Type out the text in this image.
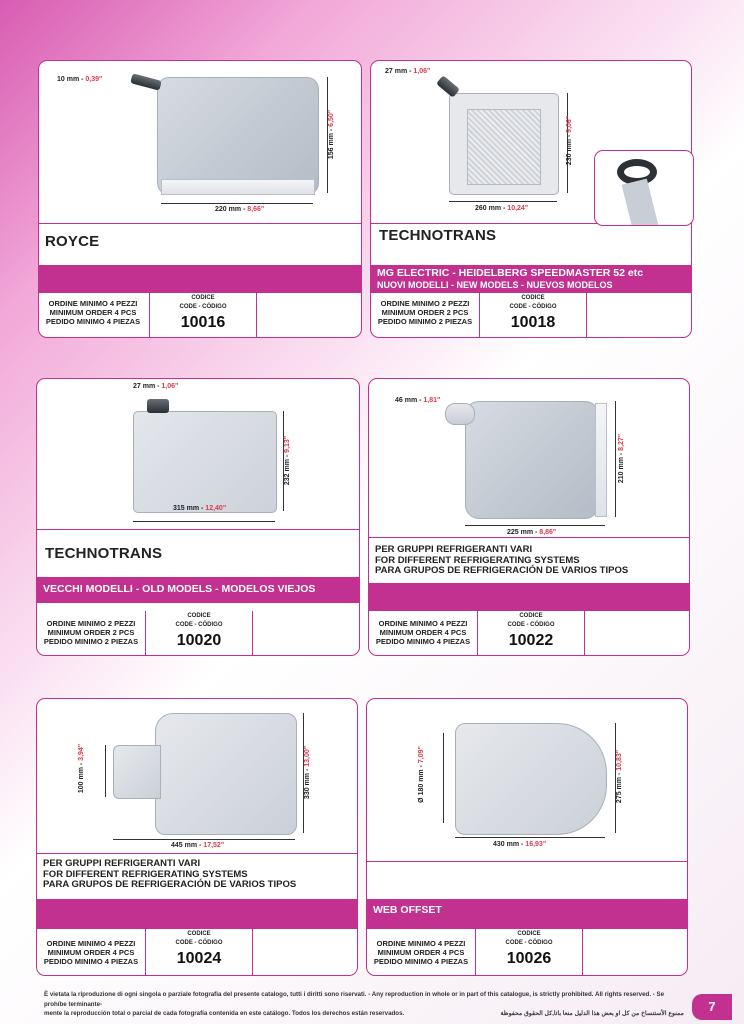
10 mm - 0,39"
220 mm - 8,66"
156 mm - 6,50"
ROYCE
ORDINE MINIMO 4 PEZZI
MINIMUM ORDER 4 PCS
PEDIDO MINIMO 4 PIEZAS
CODICE
CODE - CÓDIGO
10016
27 mm - 1,06"
260 mm - 10,24"
230 mm - 9,06"
TECHNOTRANS
MG ELECTRIC - HEIDELBERG SPEEDMASTER 52 etc
NUOVI MODELLI - NEW MODELS - NUEVOS MODELOS
ORDINE MINIMO 2 PEZZI
MINIMUM ORDER 2 PCS
PEDIDO MINIMO 2 PIEZAS
CODICE
CODE - CÓDIGO
10018
27 mm - 1,06"
315 mm - 12,40"
232 mm - 9,13"
TECHNOTRANS
VECCHI MODELLI - OLD MODELS - MODELOS VIEJOS
ORDINE MINIMO 2 PEZZI
MINIMUM ORDER 2 PCS
PEDIDO MINIMO 2 PIEZAS
CODICE
CODE - CÓDIGO
10020
46 mm - 1,81"
225 mm - 8,86"
210 mm - 8,27"
PER GRUPPI REFRIGERANTI VARI
FOR DIFFERENT REFRIGERATING SYSTEMS
PARA GRUPOS DE REFRIGERACIÓN DE VARIOS TIPOS
ORDINE MINIMO 4 PEZZI
MINIMUM ORDER 4 PCS
PEDIDO MINIMO 4 PIEZAS
CODICE
CODE - CÓDIGO
10022
100 mm - 3,94"
445 mm - 17,52"
330 mm - 13,00"
PER GRUPPI REFRIGERANTI VARI
FOR DIFFERENT REFRIGERATING SYSTEMS
PARA GRUPOS DE REFRIGERACIÓN DE VARIOS TIPOS
ORDINE MINIMO 4 PEZZI
MINIMUM ORDER 4 PCS
PEDIDO MINIMO 4 PIEZAS
CODICE
CODE - CÓDIGO
10024
Ø 180 mm - 7,09"
430 mm - 16,93"
275 mm - 10,83"
WEB OFFSET
ORDINE MINIMO 4 PEZZI
MINIMUM ORDER 4 PCS
PEDIDO MINIMO 4 PIEZAS
CODICE
CODE - CÓDIGO
10026
È vietata la riproduzione di ogni singola o parziale fotografia del presente catalogo, tutti i diritti sono riservati. - Any reproduction in whole or in part of this catalogue, is strictly prohibited. All rights reserved. - Se prohíbe terminante-
mente la reproducción total o parcial de cada fotografía contenida en este catálogo. Todos los derechos están reservados.	ممنوع الأستنساخ من كل او بعض هذا الدليل منعا باتا,كل الحقوق محفوظة	7
